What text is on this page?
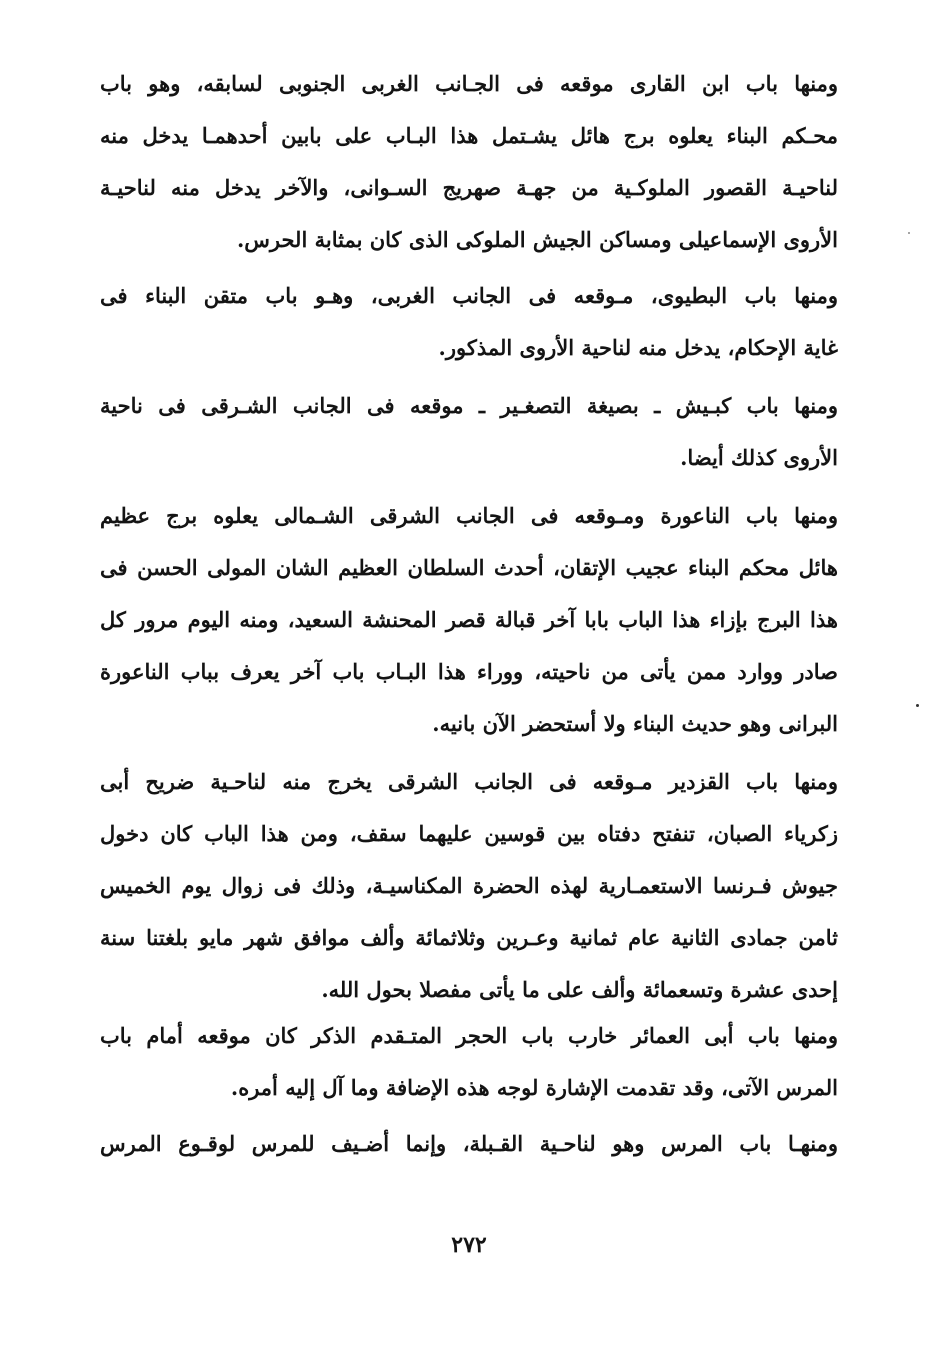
ومنها باب ابن القارى موقعه فى الجـانب الغربى الجنوبى لسابقه، وهو باب
محـكم البناء يعلوه برج هائل يشـتمل هذا البـاب على بابين أحدهمـا يدخل منه
لناحيـة القصور الملوكـية من جهـة صهريج السـوانى، والآخر يدخل منه لناحيـة
الأروى الإسماعيلى ومساكن الجيش الملوكى الذى كان بمثابة الحرس.
ومنها باب البطيوى، مـوقعه فى الجانب الغربى، وهـو باب متقن البناء فى
غاية الإحكام، يدخل منه لناحية الأروى المذكور.
ومنها باب كبـيش ـ بصيغة التصغـير ـ موقعه فى الجانب الشـرقى فى ناحية
الأروى كذلك أيضا.
ومنها باب الناعورة ومـوقعه فى الجانب الشرقى الشـمالى يعلوه برج عظيم
هائل محكم البناء عجيب الإتقان، أحدث السلطان العظيم الشان المولى الحسن فى
هذا البرج بإزاء هذا الباب بابا آخر قبالة قصر المحنشة السعيد، ومنه اليوم مرور كل
صادر ووارد ممن يأتى من ناحيته، ووراء هذا البـاب باب آخر يعرف بباب الناعورة
البرانى وهو حديث البناء ولا أستحضر الآن بانيه.
ومنها باب القزدير مـوقعه فى الجانب الشرقى يخرج منه لناحـية ضريح أبى
زكرياء الصبان، تنفتح دفتاه بين قوسين عليهما سقف، ومن هذا الباب كان دخول
جيوش فـرنسا الاستعمـارية لهذه الحضرة المكناسيـة، وذلك فى زوال يوم الخميس
ثامن جمادى الثانية عام ثمانية وعـرين وثلاثمائة وألف موافق شهر مايو بلغتنا سنة
إحدى عشرة وتسعمائة وألف على ما يأتى مفصلا بحول الله.
ومنها باب أبى العمائر خارب باب الحجر المتـقدم الذكر كان موقعه أمام باب
المرس الآتى، وقد تقدمت الإشارة لوجه هذه الإضافة وما آل إليه أمره.
ومنهـا باب المرس وهو لناحـية القـبلة، وإنما أضـيف للمرس لوقـوع المرس
٢٧٢
